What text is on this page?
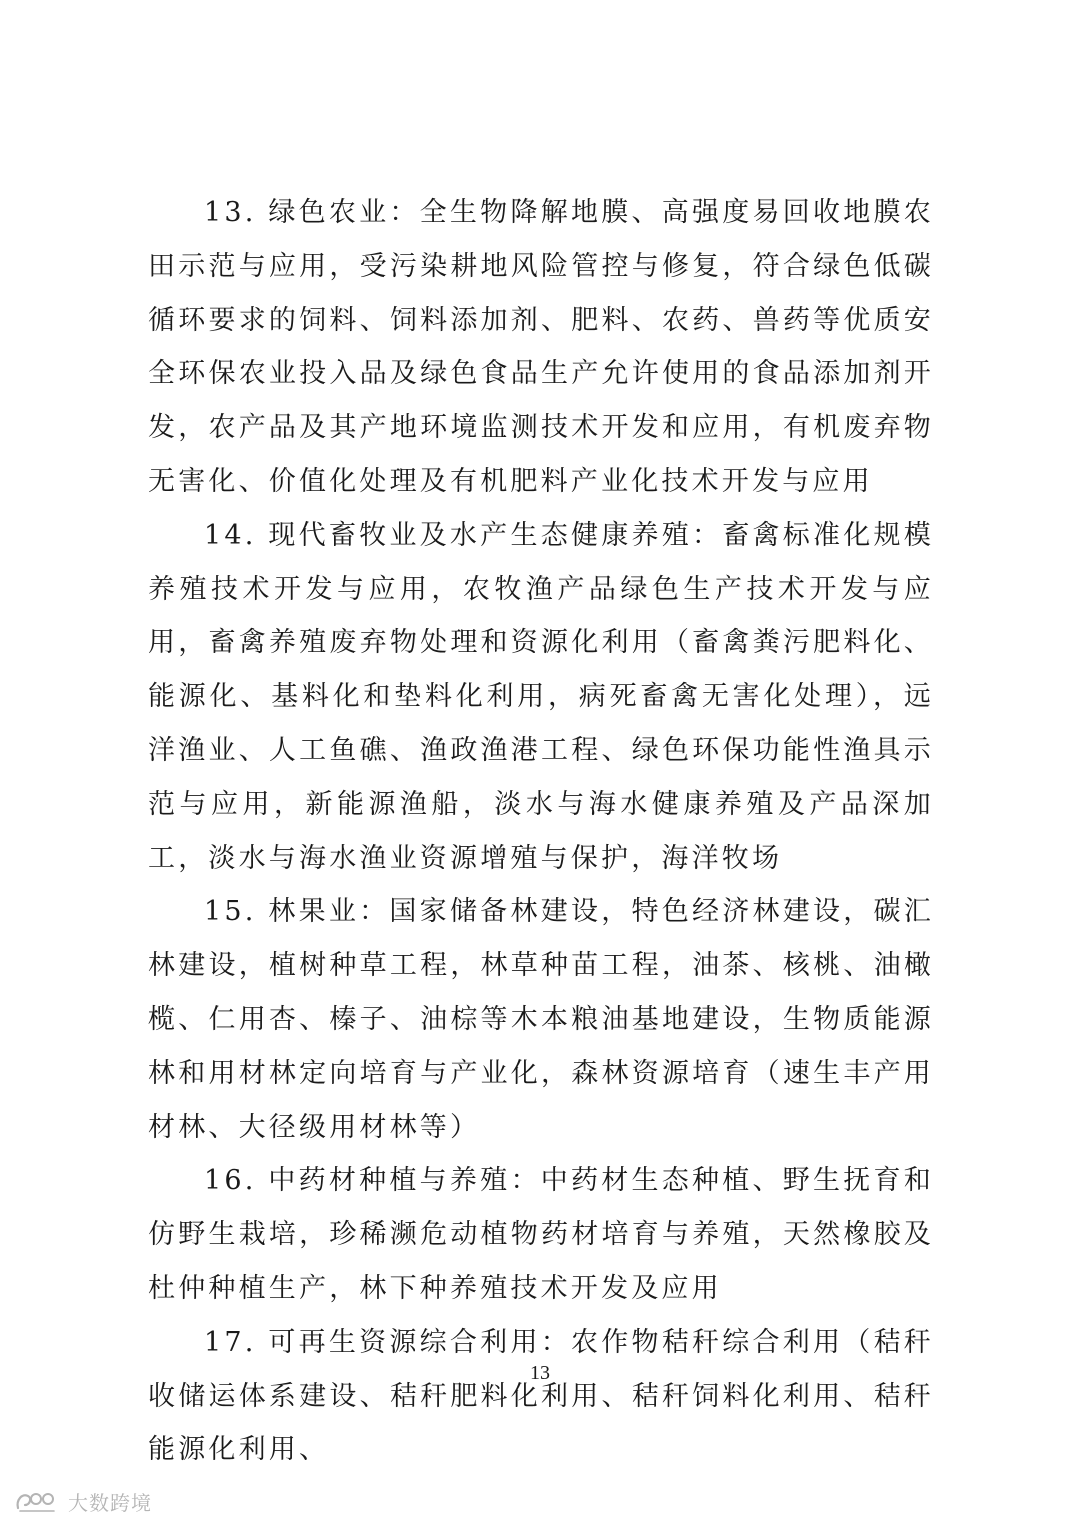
13. 绿色农业：全生物降解地膜、高强度易回收地膜农田示范与应用，受污染耕地风险管控与修复，符合绿色低碳循环要求的饲料、饲料添加剂、肥料、农药、兽药等优质安全环保农业投入品及绿色食品生产允许使用的食品添加剂开发，农产品及其产地环境监测技术开发和应用，有机废弃物无害化、价值化处理及有机肥料产业化技术开发与应用

14. 现代畜牧业及水产生态健康养殖：畜禽标准化规模养殖技术开发与应用，农牧渔产品绿色生产技术开发与应用，畜禽养殖废弃物处理和资源化利用（畜禽粪污肥料化、能源化、基料化和垫料化利用，病死畜禽无害化处理），远洋渔业、人工鱼礁、渔政渔港工程、绿色环保功能性渔具示范与应用，新能源渔船，淡水与海水健康养殖及产品深加工，淡水与海水渔业资源增殖与保护，海洋牧场

15. 林果业：国家储备林建设，特色经济林建设，碳汇林建设，植树种草工程，林草种苗工程，油茶、核桃、油橄榄、仁用杏、榛子、油棕等木本粮油基地建设，生物质能源林和用材林定向培育与产业化，森林资源培育（速生丰产用材林、大径级用材林等）

16. 中药材种植与养殖：中药材生态种植、野生抚育和仿野生栽培，珍稀濒危动植物药材培育与养殖，天然橡胶及杜仲种植生产，林下种养殖技术开发及应用

17. 可再生资源综合利用：农作物秸秆综合利用（秸秆收储运体系建设、秸秆肥料化利用、秸秆饲料化利用、秸秆能源化利用、

13
大数跨境
